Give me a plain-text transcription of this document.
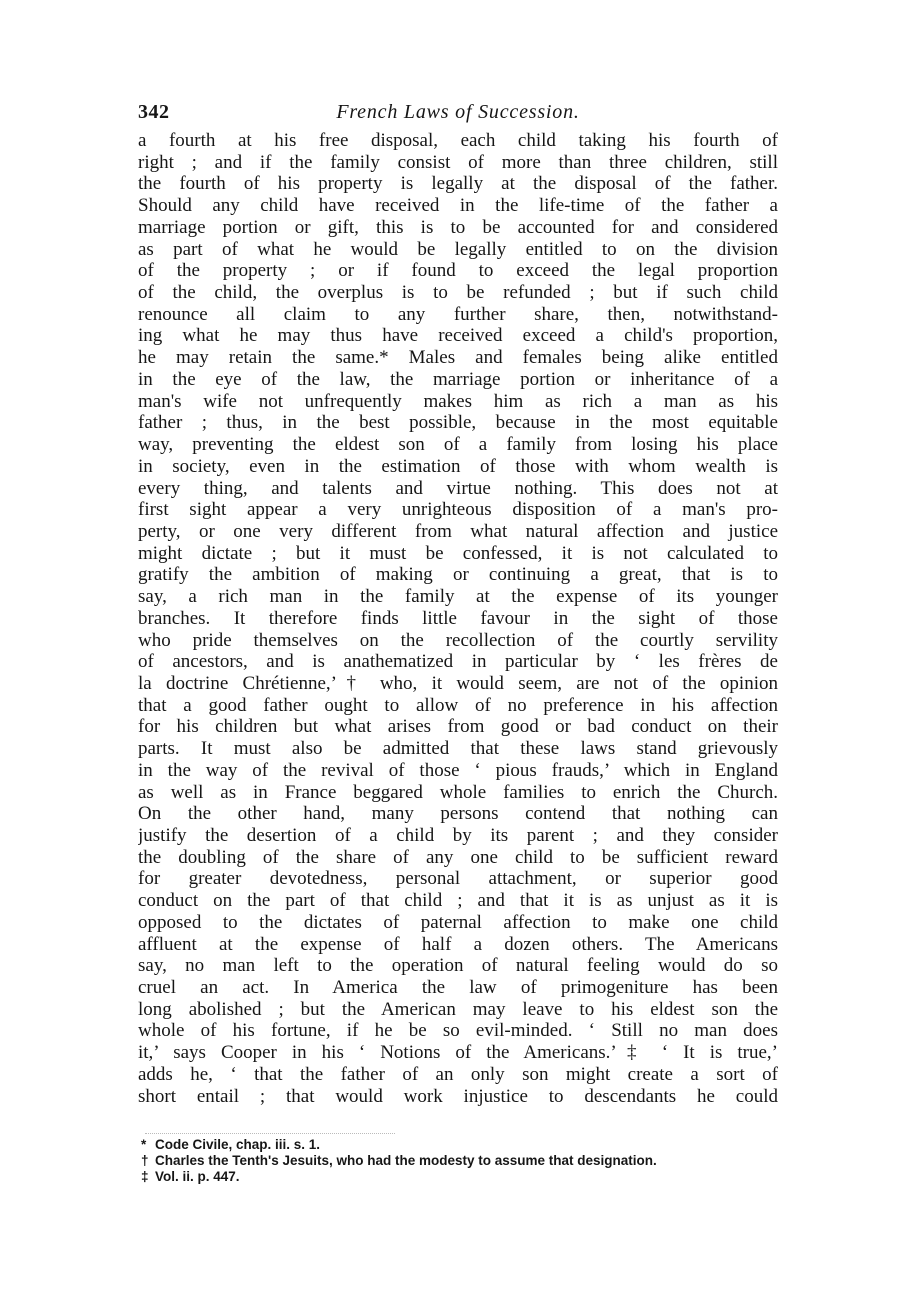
342	French Laws of Succession.
a fourth at his free disposal, each child taking his fourth of
right ; and if the family consist of more than three children, still
the fourth of his property is legally at the disposal of the father.
Should any child have received in the life-time of the father a
marriage portion or gift, this is to be accounted for and considered
as part of what he would be legally entitled to on the division
of the property ; or if found to exceed the legal proportion
of the child, the overplus is to be refunded ; but if such child
renounce all claim to any further share, then, notwithstand-
ing what he may thus have received exceed a child's proportion,
he may retain the same.* Males and females being alike entitled
in the eye of the law, the marriage portion or inheritance of a
man's wife not unfrequently makes him as rich a man as his
father ; thus, in the best possible, because in the most equitable
way, preventing the eldest son of a family from losing his place
in society, even in the estimation of those with whom wealth is
every thing, and talents and virtue nothing. This does not at
first sight appear a very unrighteous disposition of a man's pro-
perty, or one very different from what natural affection and justice
might dictate ; but it must be confessed, it is not calculated to
gratify the ambition of making or continuing a great, that is to
say, a rich man in the family at the expense of its younger
branches. It therefore finds little favour in the sight of those
who pride themselves on the recollection of the courtly servility
of ancestors, and is anathematized in particular by ‘ les frères de
la doctrine Chrétienne,’† who, it would seem, are not of the opinion
that a good father ought to allow of no preference in his affection
for his children but what arises from good or bad conduct on their
parts. It must also be admitted that these laws stand grievously
in the way of the revival of those ‘ pious frauds,’ which in England
as well as in France beggared whole families to enrich the Church.
On the other hand, many persons contend that nothing can
justify the desertion of a child by its parent ; and they consider
the doubling of the share of any one child to be sufficient reward
for greater devotedness, personal attachment, or superior good
conduct on the part of that child ; and that it is as unjust as it is
opposed to the dictates of paternal affection to make one child
affluent at the expense of half a dozen others. The Americans
say, no man left to the operation of natural feeling would do so
cruel an act. In America the law of primogeniture has been
long abolished ; but the American may leave to his eldest son the
whole of his fortune, if he be so evil-minded. ‘ Still no man does
it,’ says Cooper in his ‘ Notions of the Americans.’‡ ‘ It is true,’
adds he, ‘ that the father of an only son might create a sort of
short entail ; that would work injustice to descendants he could
* Code Civile, chap. iii. s. 1.
† Charles the Tenth's Jesuits, who had the modesty to assume that designation.
‡ Vol. ii. p. 447.
